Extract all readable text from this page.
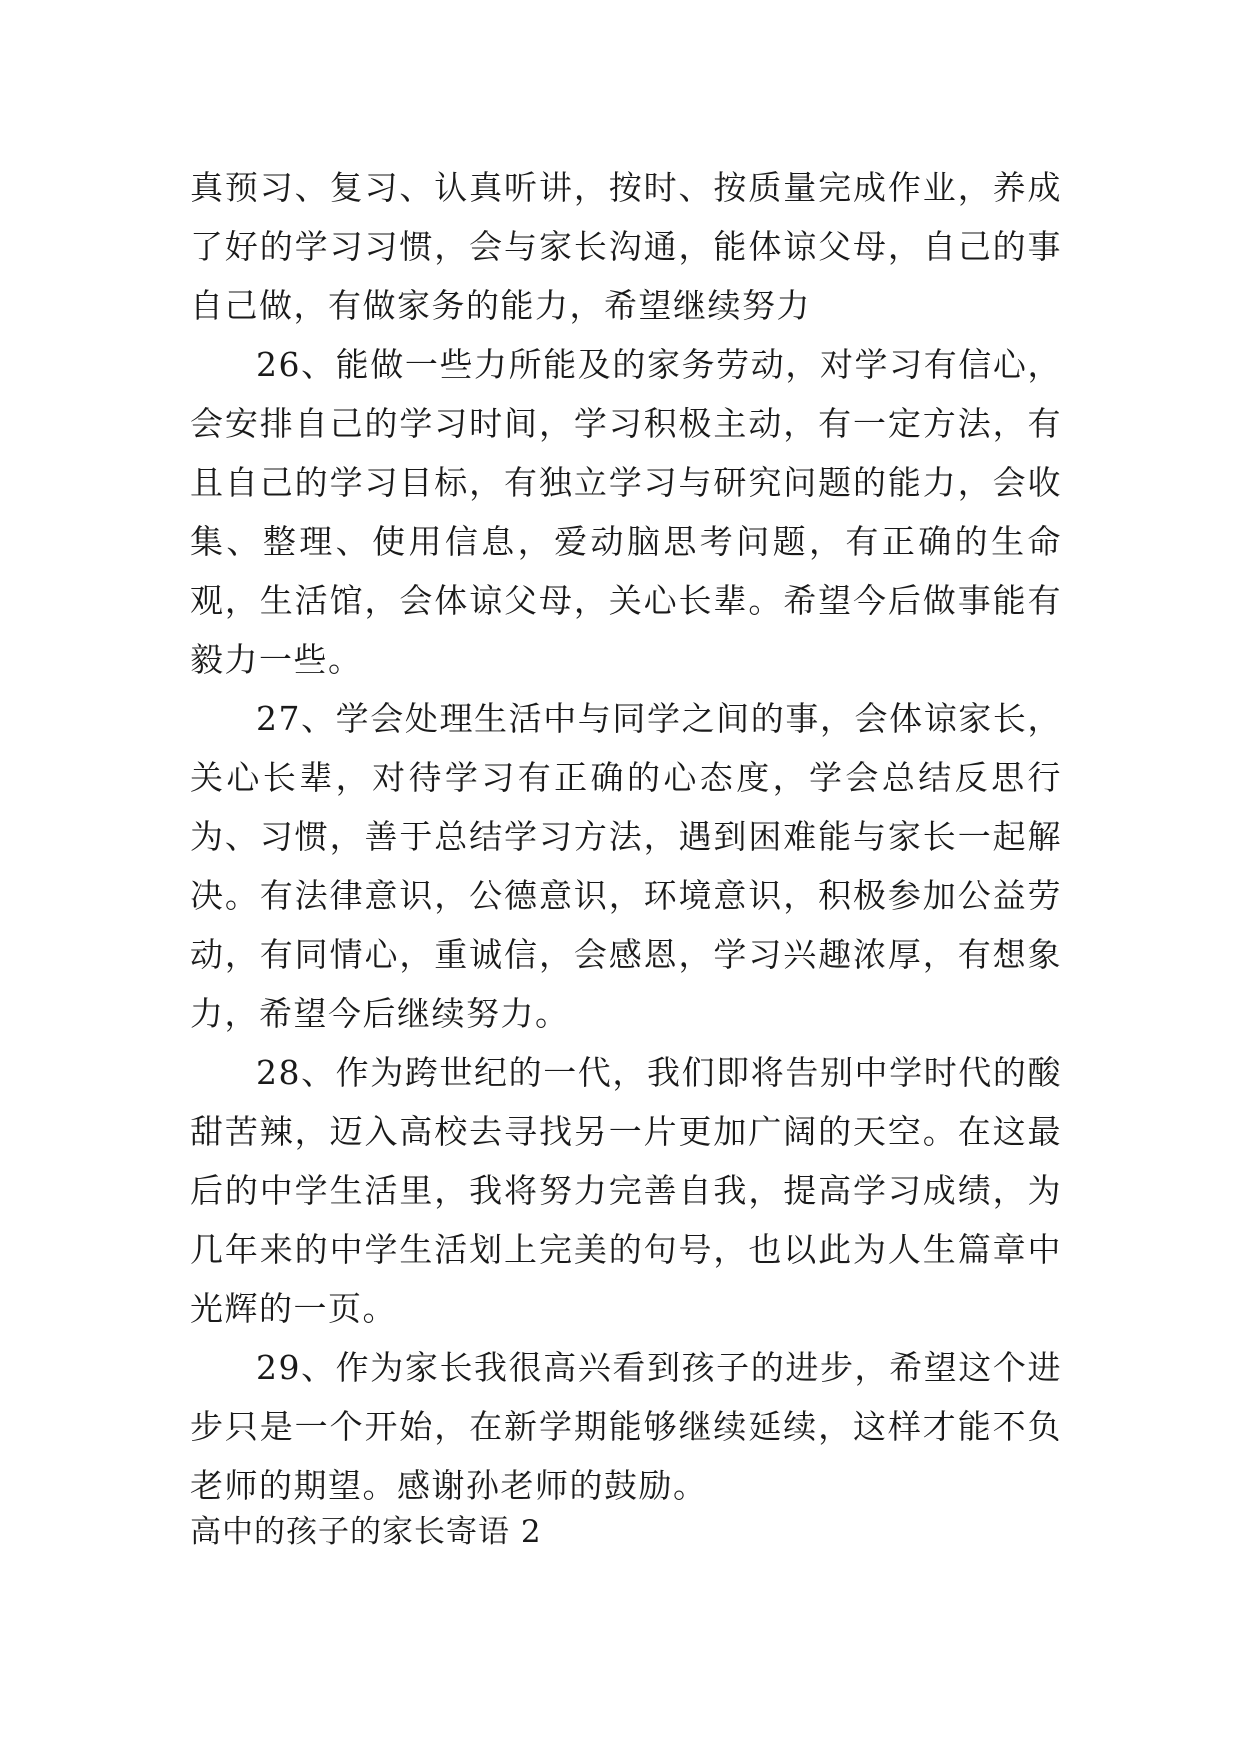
真预习、复习、认真听讲，按时、按质量完成作业，养成了好的学习习惯，会与家长沟通，能体谅父母，自己的事自己做，有做家务的能力，希望继续努力

26、能做一些力所能及的家务劳动，对学习有信心，会安排自己的学习时间，学习积极主动，有一定方法，有且自己的学习目标，有独立学习与研究问题的能力，会收集、整理、使用信息，爱动脑思考问题，有正确的生命观，生活馆，会体谅父母，关心长辈。希望今后做事能有毅力一些。

27、学会处理生活中与同学之间的事，会体谅家长，关心长辈，对待学习有正确的心态度，学会总结反思行为、习惯，善于总结学习方法，遇到困难能与家长一起解决。有法律意识，公德意识，环境意识，积极参加公益劳动，有同情心，重诚信，会感恩，学习兴趣浓厚，有想象力，希望今后继续努力。

28、作为跨世纪的一代，我们即将告别中学时代的酸甜苦辣，迈入高校去寻找另一片更加广阔的天空。在这最后的中学生活里，我将努力完善自我，提高学习成绩，为几年来的中学生活划上完美的句号，也以此为人生篇章中光辉的一页。

29、作为家长我很高兴看到孩子的进步，希望这个进步只是一个开始，在新学期能够继续延续，这样才能不负老师的期望。感谢孙老师的鼓励。

高中的孩子的家长寄语 2
